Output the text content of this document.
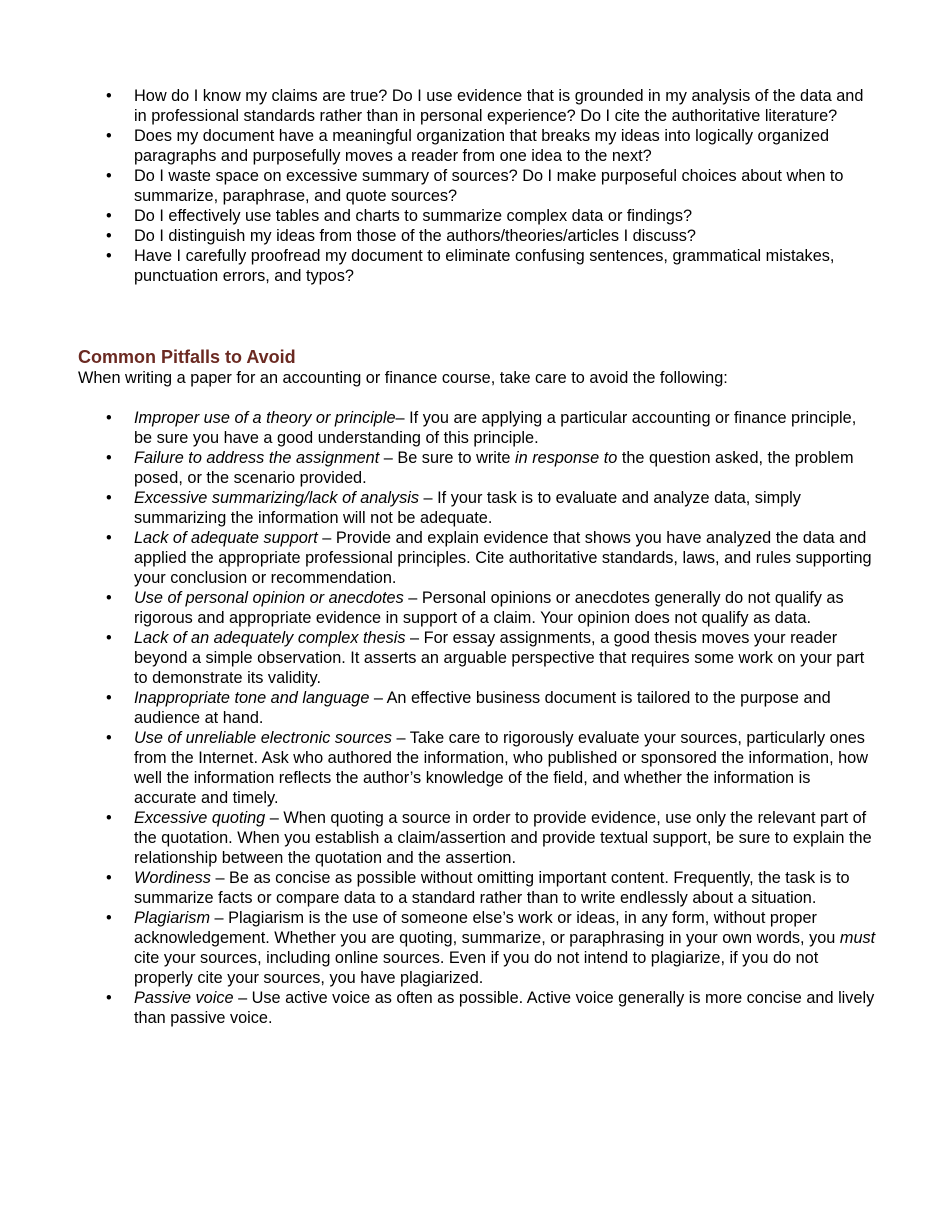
• How do I know my claims are true? Do I use evidence that is grounded in my analysis of the data and in professional standards rather than in personal experience? Do I cite the authoritative literature?
• Does my document have a meaningful organization that breaks my ideas into logically organized paragraphs and purposefully moves a reader from one idea to the next?
• Do I waste space on excessive summary of sources? Do I make purposeful choices about when to summarize, paraphrase, and quote sources?
• Do I effectively use tables and charts to summarize complex data or findings?
• Do I distinguish my ideas from those of the authors/theories/articles I discuss?
• Have I carefully proofread my document to eliminate confusing sentences, grammatical mistakes, punctuation errors, and typos?
Common Pitfalls to Avoid
When writing a paper for an accounting or finance course, take care to avoid the following:
• Improper use of a theory or principle– If you are applying a particular accounting or finance principle, be sure you have a good understanding of this principle.
• Failure to address the assignment – Be sure to write in response to the question asked, the problem posed, or the scenario provided.
• Excessive summarizing/lack of analysis – If your task is to evaluate and analyze data, simply summarizing the information will not be adequate.
• Lack of adequate support – Provide and explain evidence that shows you have analyzed the data and applied the appropriate professional principles. Cite authoritative standards, laws, and rules supporting your conclusion or recommendation.
• Use of personal opinion or anecdotes – Personal opinions or anecdotes generally do not qualify as rigorous and appropriate evidence in support of a claim. Your opinion does not qualify as data.
• Lack of an adequately complex thesis – For essay assignments, a good thesis moves your reader beyond a simple observation. It asserts an arguable perspective that requires some work on your part to demonstrate its validity.
• Inappropriate tone and language – An effective business document is tailored to the purpose and audience at hand.
• Use of unreliable electronic sources – Take care to rigorously evaluate your sources, particularly ones from the Internet. Ask who authored the information, who published or sponsored the information, how well the information reflects the author’s knowledge of the field, and whether the information is accurate and timely.
• Excessive quoting – When quoting a source in order to provide evidence, use only the relevant part of the quotation. When you establish a claim/assertion and provide textual support, be sure to explain the relationship between the quotation and the assertion.
• Wordiness – Be as concise as possible without omitting important content. Frequently, the task is to summarize facts or compare data to a standard rather than to write endlessly about a situation.
• Plagiarism – Plagiarism is the use of someone else’s work or ideas, in any form, without proper acknowledgement. Whether you are quoting, summarize, or paraphrasing in your own words, you must cite your sources, including online sources. Even if you do not intend to plagiarize, if you do not properly cite your sources, you have plagiarized.
• Passive voice – Use active voice as often as possible. Active voice generally is more concise and lively than passive voice.
